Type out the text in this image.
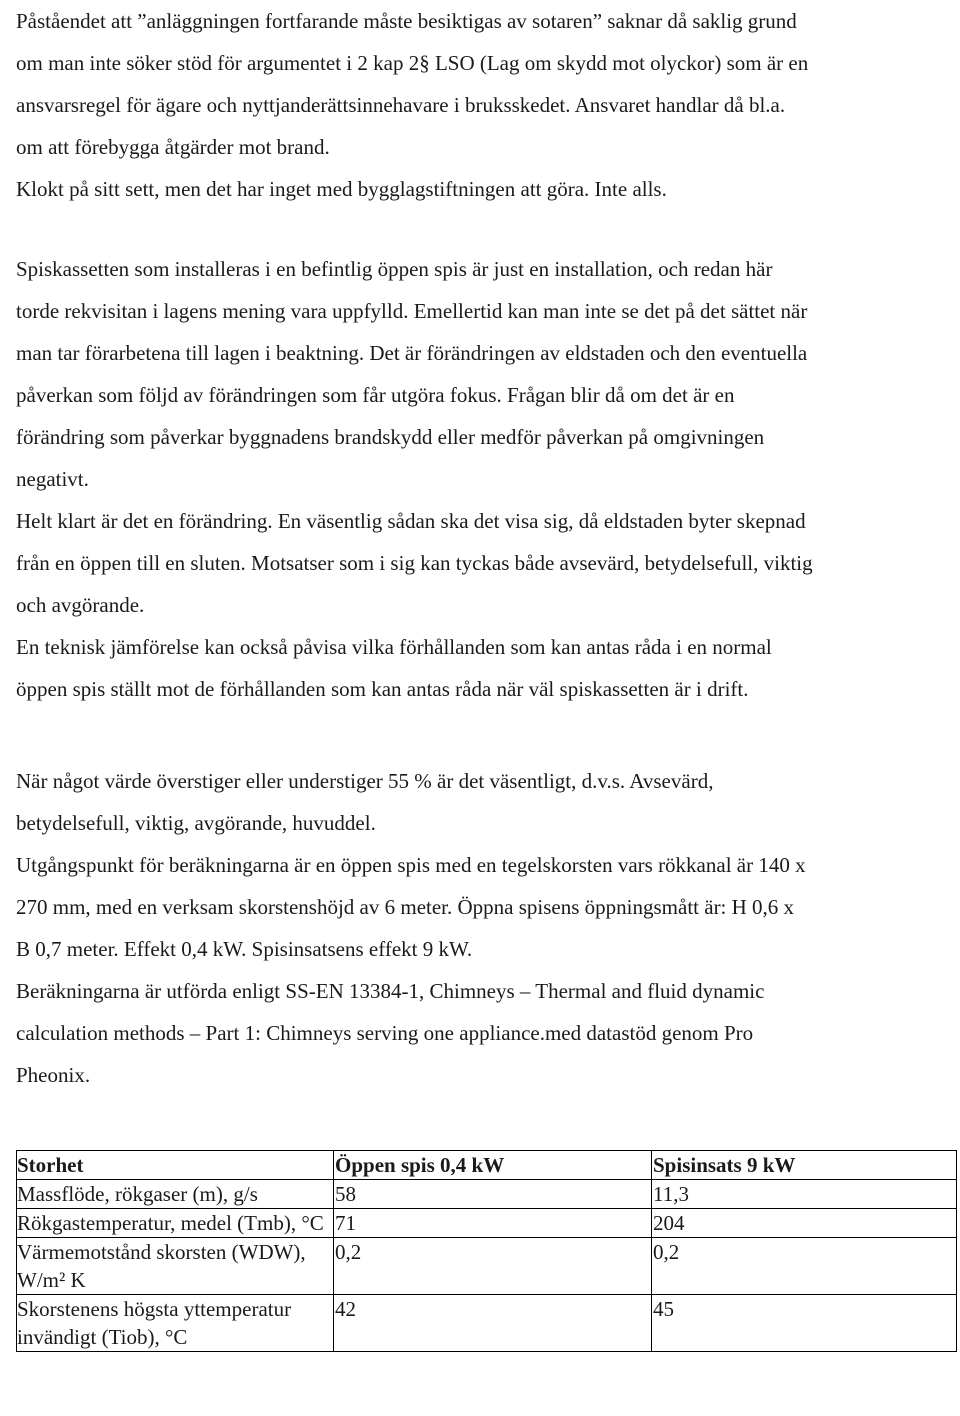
Påståendet att ”anläggningen fortfarande måste besiktigas av sotaren” saknar då saklig grund
om man inte söker stöd för argumentet i 2 kap 2§ LSO (Lag om skydd mot olyckor) som är en
ansvarsregel för ägare och nyttjanderättsinnehavare i bruksskedet. Ansvaret handlar då bl.a.
om att förebygga åtgärder mot brand.
Klokt på sitt sett, men det har inget med bygglagstiftningen att göra. Inte alls.
Spiskassetten som installeras i en befintlig öppen spis är just en installation, och redan här
torde rekvisitan i lagens mening vara uppfylld. Emellertid kan man inte se det på det sättet när
man tar förarbetena till lagen i beaktning. Det är förändringen av eldstaden och den eventuella
påverkan som följd av förändringen som får utgöra fokus. Frågan blir då om det är en
förändring som påverkar byggnadens brandskydd eller medför påverkan på omgivningen
negativt.
Helt klart är det en förändring. En väsentlig sådan ska det visa sig, då eldstaden byter skepnad
från en öppen till en sluten. Motsatser som i sig kan tyckas både avsevärd, betydelsefull, viktig
och avgörande.
En teknisk jämförelse kan också påvisa vilka förhållanden som kan antas råda i en normal
öppen spis ställt mot de förhållanden som kan antas råda när väl spiskassetten är i drift.
När något värde överstiger eller understiger 55 % är det väsentligt, d.v.s. Avsevärd,
betydelsefull, viktig, avgörande, huvuddel.
Utgångspunkt för beräkningarna är en öppen spis med en tegelskorsten vars rökkanal är 140 x
270 mm, med en verksam skorstenshöjd av 6 meter. Öppna spisens öppningsmått är: H 0,6 x
B 0,7 meter. Effekt 0,4 kW. Spisinsatsens effekt 9 kW.
Beräkningarna är utförda enligt SS-EN 13384-1, Chimneys – Thermal and fluid dynamic
calculation methods – Part 1: Chimneys serving one appliance.med datastöd genom Pro
Pheonix.
Storhet	Öppen spis 0,4 kW	Spisinsats 9 kW
Massflöde, rökgaser (m), g/s	58	11,3
Rökgastemperatur, medel (Tmb), °C	71	204
Värmemotstånd skorsten (WDW), W/m² K	0,2	0,2
Skorstenens högsta yttemperatur invändigt (Tiob), °C	42	45
